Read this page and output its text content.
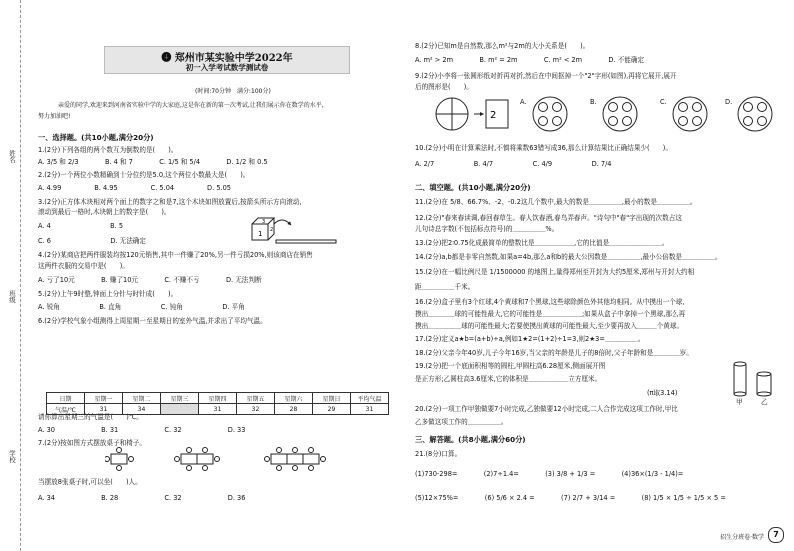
姓名
班级
学校
❹ 郑州市某实验中学2022年
初一入学考试数学测试卷
(时间:70分钟　满分:100分)
亲爱的同学,欢迎来到河南省实验中学的大家庭,这是你在新的第一次考试,让我们展示你在数学的水平,
努力加油吧!
一、选择题。(共10小题,满分20分)
1.(2分)下列各组的两个数互为倒数的是(　　)。
A. 3/5 和 2/3　　　　B. 4 和 7　　　　C. 1/5 和 5/4　　　　D. 1/2 和 0.5
2.(2分)一个两位小数精确到十分位约是5.0,这个两位小数最大是(　　)。
A. 4.99　　　　　B. 4.95　　　　　C. 5.04　　　　　D. 5.05
3.(2分)正方体木块相对两个面上的数字之和是7,这个木块如图放置后,按箭头所示方向滚动,
滚动到最后一格时,木块朝上的数字是(　　)。
A. 4　　　　　　　　　B. 5
C. 6　　　　　　　　　D. 无法确定
4.(2分)某商店把两件服装均按120元销售,其中一件赚了20%,另一件亏损20%,则该商店在销售
这两件衣服的交易中是(　　)。
A. 亏了10元　　　　B. 赚了10元　　　　C. 不赚不亏　　　　D. 无法判断
5.(2分)上午9时整,钟面上分针与时针成(　　)。
A. 锐角　　　　　　B. 直角　　　　　　C. 钝角　　　　　　D. 平角
6.(2分)学校气象小组测得上周星期一至星期日的室外气温,并求出了平均气温。
请你算出星期三的气温是(　　)℃。
A. 30　　　　　　　B. 31　　　　　　　C. 32　　　　　　　D. 33
7.(2分)按如图方式摆放桌子和椅子。
当摆放8张桌子时,可以坐(　　)人。
A. 34　　　　　　　B. 28　　　　　　　C. 32　　　　　　　D. 36
8.(2分)已知m是自然数,那么m²与2m的大小关系是(　　)。
A. m² > 2m　　　　B. m² = 2m　　　　C. m² < 2m　　　　D. 不能确定
9.(2分)小李将一张圆形纸对折再对折,然后在中间抠掉一个"2"字形(如图),再将它展开,展开
后的图形是(　　)。
10.(2分)小明在计算乘法时,不慎将乘数63错写成36,那么计算结果比正确结果少(　　)。
A. 2/7　　　　　　B. 4/7　　　　　　C. 4/9　　　　　　D. 7/4
二、填空题。(共10小题,满分20分)
11.(2分)在 5/8、66.7%、-2、-0.2这几个数中,最大的数是＿＿＿＿＿,最小的数是＿＿＿＿＿。
12.(2分)"春来春读调,春回春草生。春人饮春酒,春鸟弄春声。"诗句中"春"字出现的次数占这
儿句诗总字数(不包括标点符号)的＿＿＿＿＿%。
13.(2分)把2∶0.75化成最简单的整数比是＿＿＿＿＿＿,它的比值是＿＿＿＿＿＿＿＿。
14.(2分)a,b都是非零自然数,如果a=4b,那么a和b的最大公因数是＿＿＿＿＿,最小公倍数是＿＿＿＿＿。
15.(2分)在一幅比例尺是 1/1500000 的地图上,量得郑州至开封为大约5厘米,郑州与开封大约相
距＿＿＿＿＿千米。
16.(2分)盒子里有3个红球,4个黄球和7个黑球,这些球除颜色外其他均相同。从中摸出一个球,
摸出＿＿＿＿球的可能性最大,它的可能性是＿＿＿＿＿＿;如果从盒子中拿掉一个黑球,那么再
摸出＿＿＿＿＿球的可能性最大;若要使摸出黄球的可能性最大,至少要再放入＿＿＿个黄球。
17.(2分)定义a★b=(a+b)÷a,例如1★2=(1+2)÷1=3,则2★3=＿＿＿＿＿。
18.(2分)父亲今年40岁,儿子今年16岁,当父亲的年龄是儿子的8倍时,父子年龄和是＿＿＿＿岁。
19.(2分)把一个底面积相等的圆柱,甲圆柱高6.28厘米,侧面展开图
是正方形;乙圆柱高3.6厘米,它的体积是＿＿＿＿＿＿立方厘米。
(π取3.14)
20.(2分)一项工作甲独做要7小时完成,乙独做要12小时完成,二人合作完成这项工作时,甲比
乙多做这项工作的＿＿＿＿＿。
三、解答题。(共8小题,满分60分)
21.(8分)口算。
(1)730-298=　　　　(2)7÷1.4=　　　　(3) 3/8 + 1/3 =　　　　(4)36×(1/3 - 1/4)=
(5)12×75%=　　　　(6) 5/6 × 2.4 =　　　　(7) 2/7 + 3/14 =　　　　(8) 1/5 × 1/5 ÷ 1/5 × 5 =
日期	星期一	星期二	星期三	星期四	星期五	星期六	星期日	平均气温
气温/℃	31	34		31	32	28	29	31
1
3
2
2
A.	B.	C.	D.
甲	乙
招生分班卷·数学	7
